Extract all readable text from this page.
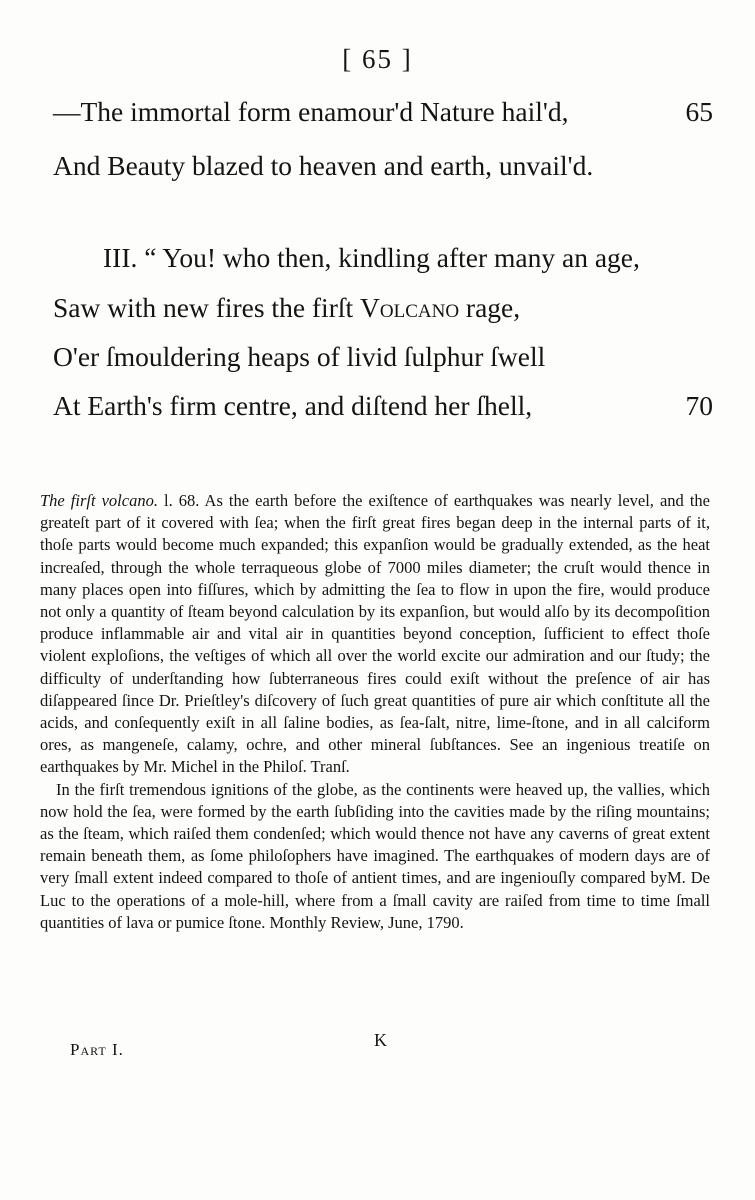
[ 65 ]
—The immortal form enamour'd Nature hail'd,	65
And Beauty blazed to heaven and earth, unvail'd.
III. “ You! who then, kindling after many an age,
Saw with new fires the firſt Volcano rage,
O'er ſmouldering heaps of livid ſulphur ſwell
At Earth's firm centre, and diſtend her ſhell,	70

The firſt volcano. l. 68. As the earth before the exiſtence of earthquakes was nearly level, and the greateſt part of it covered with ſea; when the firſt great fires began deep in the internal parts of it, thoſe parts would become much expanded; this expanſion would be gradually extended, as the heat increaſed, through the whole terraqueous globe of 7000 miles diameter; the cruſt would thence in many places open into fiſſures, which by admitting the ſea to flow in upon the fire, would produce not only a quantity of ſteam beyond calculation by its expanſion, but would alſo by its decompoſition produce inflammable air and vital air in quantities beyond conception, ſufficient to effect thoſe violent exploſions, the veſtiges of which all over the world excite our admiration and our ſtudy; the difficulty of underſtanding how ſubterraneous fires could exiſt without the preſence of air has diſappeared ſince Dr. Prieſtley's diſcovery of ſuch great quantities of pure air which conſtitute all the acids, and conſequently exiſt in all ſaline bodies, as ſea-ſalt, nitre, lime-ſtone, and in all calciform ores, as mangeneſe, calamy, ochre, and other mineral ſubſtances. See an ingenious treatiſe on earthquakes by Mr. Michel in the Philoſ. Tranſ.

In the firſt tremendous ignitions of the globe, as the continents were heaved up, the vallies, which now hold the ſea, were formed by the earth ſubſiding into the cavities made by the riſing mountains; as the ſteam, which raiſed them condenſed; which would thence not have any caverns of great extent remain beneath them, as ſome philoſophers have imagined. The earthquakes of modern days are of very ſmall extent indeed compared to thoſe of antient times, and are ingeniouſly compared byM. De Luc to the operations of a mole-hill, where from a ſmall cavity are raiſed from time to time ſmall quantities of lava or pumice ſtone. Monthly Review, June, 1790.

Part I.	K
